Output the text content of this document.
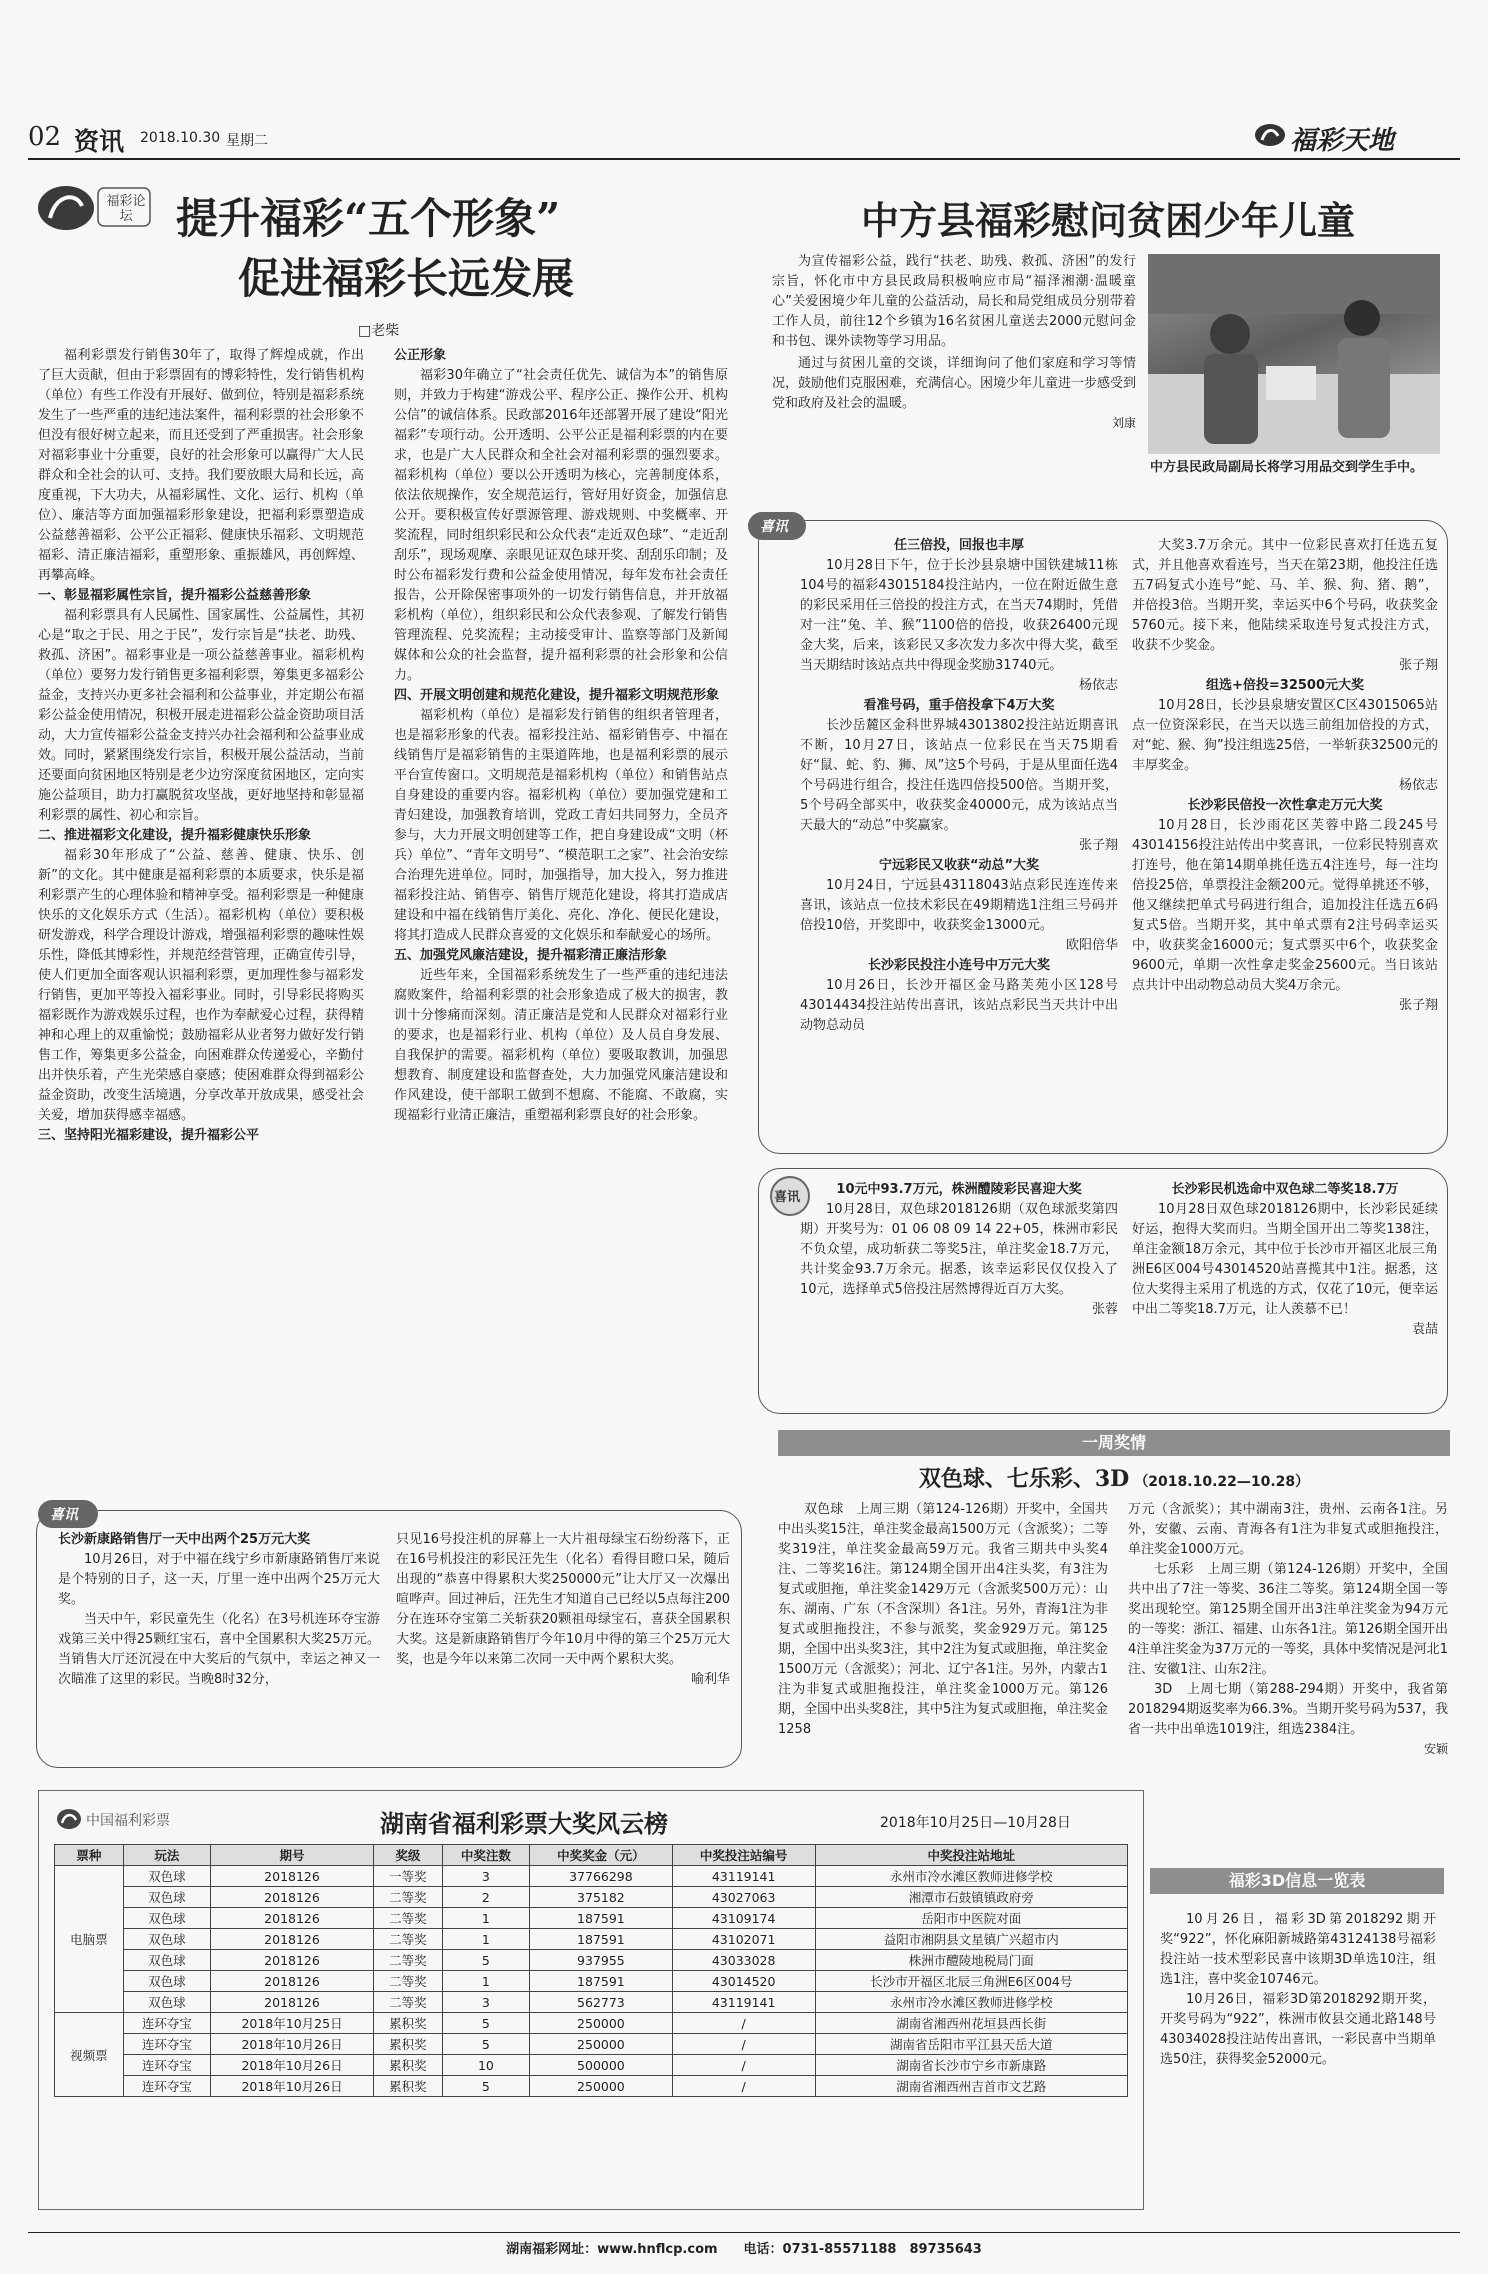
02 资讯 2018.10.30 星期二	福彩天地
福彩论坛	提升福彩“五个形象”
促进福彩长远发展
□老柴

福利彩票发行销售30年了，取得了辉煌成就，作出了巨大贡献，但由于彩票固有的博彩特性，发行销售机构（单位）有些工作没有开展好、做到位，特别是福彩系统发生了一些严重的违纪违法案件，福利彩票的社会形象不但没有很好树立起来，而且还受到了严重损害。社会形象对福彩事业十分重要，良好的社会形象可以赢得广大人民群众和全社会的认可、支持。我们要放眼大局和长远，高度重视，下大功夫，从福彩属性、文化、运行、机构（单位）、廉洁等方面加强福彩形象建设，把福利彩票塑造成公益慈善福彩、公平公正福彩、健康快乐福彩、文明规范福彩、清正廉洁福彩，重塑形象、重振雄风，再创辉煌、再攀高峰。

一、彰显福彩属性宗旨，提升福彩公益慈善形象

福利彩票具有人民属性、国家属性、公益属性，其初心是“取之于民、用之于民”，发行宗旨是“扶老、助残、救孤、济困”。福彩事业是一项公益慈善事业。福彩机构（单位）要努力发行销售更多福利彩票，筹集更多福彩公益金，支持兴办更多社会福利和公益事业，并定期公布福彩公益金使用情况，积极开展走进福彩公益金资助项目活动，大力宣传福彩公益金支持兴办社会福利和公益事业成效。同时，紧紧围绕发行宗旨，积极开展公益活动，当前还要面向贫困地区特别是老少边穷深度贫困地区，定向实施公益项目，助力打赢脱贫攻坚战，更好地坚持和彰显福利彩票的属性、初心和宗旨。

二、推进福彩文化建设，提升福彩健康快乐形象

福彩30年形成了“公益、慈善、健康、快乐、创新”的文化。其中健康是福利彩票的本质要求，快乐是福利彩票产生的心理体验和精神享受。福利彩票是一种健康快乐的文化娱乐方式（生活）。福彩机构（单位）要积极研发游戏，科学合理设计游戏，增强福利彩票的趣味性娱乐性，降低其博彩性，并规范经营管理，正确宣传引导，使人们更加全面客观认识福利彩票，更加理性参与福彩发行销售，更加平等投入福彩事业。同时，引导彩民将购买福彩既作为游戏娱乐过程，也作为奉献爱心过程，获得精神和心理上的双重愉悦；鼓励福彩从业者努力做好发行销售工作，筹集更多公益金，向困难群众传递爱心，辛勤付出并快乐着，产生光荣感自豪感；使困难群众得到福彩公益金资助，改变生活境遇，分享改革开放成果，感受社会关爱，增加获得感幸福感。

三、坚持阳光福彩建设，提升福彩公平

公正形象

福彩30年确立了“社会责任优先、诚信为本”的销售原则，并致力于构建“游戏公平、程序公正、操作公开、机构公信”的诚信体系。民政部2016年还部署开展了建设“阳光福彩”专项行动。公开透明、公平公正是福利彩票的内在要求，也是广大人民群众和全社会对福利彩票的强烈要求。福彩机构（单位）要以公开透明为核心，完善制度体系，依法依规操作，安全规范运行，管好用好资金，加强信息公开。要积极宣传好票源管理、游戏规则、中奖概率、开奖流程，同时组织彩民和公众代表“走近双色球”、“走近刮刮乐”，现场观摩、亲眼见证双色球开奖、刮刮乐印制；及时公布福彩发行费和公益金使用情况，每年发布社会责任报告，公开除保密事项外的一切发行销售信息，并开放福彩机构（单位），组织彩民和公众代表参观、了解发行销售管理流程、兑奖流程；主动接受审计、监察等部门及新闻媒体和公众的社会监督，提升福利彩票的社会形象和公信力。

四、开展文明创建和规范化建设，提升福彩文明规范形象

福彩机构（单位）是福彩发行销售的组织者管理者，也是福彩形象的代表。福彩投注站、福彩销售亭、中福在线销售厅是福彩销售的主渠道阵地，也是福利彩票的展示平台宣传窗口。文明规范是福彩机构（单位）和销售站点自身建设的重要内容。福彩机构（单位）要加强党建和工青妇建设，加强教育培训，党政工青妇共同努力，全员齐参与，大力开展文明创建等工作，把自身建设成“文明（杯兵）单位”、“青年文明号”、“模范职工之家”、社会治安综合治理先进单位。同时，加强指导，加大投入，努力推进福彩投注站、销售亭、销售厅规范化建设，将其打造成店建设和中福在线销售厅美化、亮化、净化、便民化建设，将其打造成人民群众喜爱的文化娱乐和奉献爱心的场所。

五、加强党风廉洁建设，提升福彩清正廉洁形象

近些年来，全国福彩系统发生了一些严重的违纪违法腐败案件，给福利彩票的社会形象造成了极大的损害，教训十分惨痛而深刻。清正廉洁是党和人民群众对福彩行业的要求，也是福彩行业、机构（单位）及人员自身发展、自我保护的需要。福彩机构（单位）要吸取教训，加强思想教育、制度建设和监督查处，大力加强党风廉洁建设和作风建设，使干部职工做到不想腐、不能腐、不敢腐，实现福彩行业清正廉洁，重塑福利彩票良好的社会形象。

中方县福彩慰问贫困少年儿童

为宣传福彩公益，践行“扶老、助残、救孤、济困”的发行宗旨，怀化市中方县民政局积极响应市局“福泽湘潮·温暖童心”关爱困境少年儿童的公益活动，局长和局党组成员分别带着工作人员，前往12个乡镇为16名贫困儿童送去2000元慰问金和书包、课外读物等学习用品。

通过与贫困儿童的交谈，详细询问了他们家庭和学习等情况，鼓励他们克服困难，充满信心。困境少年儿童进一步感受到党和政府及社会的温暖。

刘康

中方县民政局副局长将学习用品交到学生手中。
喜讯

任三倍投，回报也丰厚

10月28日下午，位于长沙县泉塘中国铁建城11栋104号的福彩43015184投注站内，一位在附近做生意的彩民采用任三倍投的投注方式，在当天74期时，凭借对一注“兔、羊、猴”1100倍的倍投，收获26400元现金大奖，后来，该彩民又多次发力多次中得大奖，截至当天期结时该站点共中得现金奖励31740元。

杨依志

看准号码，重手倍投拿下4万大奖

长沙岳麓区金科世界城43013802投注站近期喜讯不断，10月27日，该站点一位彩民在当天75期看好“鼠、蛇、豹、狮、凤”这5个号码，于是从里面任选4个号码进行组合，投注任选四倍投500倍。当期开奖，5个号码全部买中，收获奖金40000元，成为该站点当天最大的“动总”中奖赢家。

张子翔

宁远彩民又收获“动总”大奖

10月24日，宁远县43118043站点彩民连连传来喜讯，该站点一位技术彩民在49期精选1注组三号码并倍投10倍，开奖即中，收获奖金13000元。

欧阳倍华

长沙彩民投注小连号中万元大奖

10月26日，长沙开福区金马路芙苑小区128号43014434投注站传出喜讯，该站点彩民当天共计中出动物总动员

大奖3.7万余元。其中一位彩民喜欢打任选五复式，并且他喜欢看连号，当天在第23期，他投注任选五7码复式小连号“蛇、马、羊、猴、狗、猪、鹅”，并倍投3倍。当期开奖，幸运买中6个号码，收获奖金5760元。接下来，他陆续采取连号复式投注方式，收获不少奖金。

张子翔

组选+倍投=32500元大奖

10月28日，长沙县泉塘安置区C区43015065站点一位资深彩民，在当天以选三前组加倍投的方式，对“蛇、猴、狗”投注组选25倍，一举斩获32500元的丰厚奖金。

杨依志

长沙彩民倍投一次性拿走万元大奖

10月28日，长沙雨花区芙蓉中路二段245号43014156投注站传出中奖喜讯，一位彩民特别喜欢打连号，他在第14期单挑任选五4注连号，每一注均倍投25倍，单票投注金额200元。觉得单挑还不够，他又继续把单式号码进行组合，追加投注任选五6码复式5倍。当期开奖，其中单式票有2注号码幸运买中，收获奖金16000元；复式票买中6个，收获奖金9600元，单期一次性拿走奖金25600元。当日该站点共计中出动物总动员大奖4万余元。

张子翔

喜讯

10元中93.7万元，株洲醴陵彩民喜迎大奖

10月28日，双色球2018126期（双色球派奖第四期）开奖号为：01 06 08 09 14 22+05，株洲市彩民不负众望，成功斩获二等奖5注，单注奖金18.7万元，共计奖金93.7万余元。据悉，该幸运彩民仅仅投入了10元，选择单式5倍投注居然博得近百万大奖。

张蓉

长沙彩民机选命中双色球二等奖18.7万

10月28日双色球2018126期中，长沙彩民延续好运，抱得大奖而归。当期全国开出二等奖138注，单注金额18万余元，其中位于长沙市开福区北辰三角洲E6区004号43014520站喜揽其中1注。据悉，这位大奖得主采用了机选的方式，仅花了10元，便幸运中出二等奖18.7万元，让人羡慕不已！

袁喆

一周奖情
双色球、七乐彩、3D （2018.10.22—10.28）

双色球　上周三期（第124-126期）开奖中，全国共中出头奖15注，单注奖金最高1500万元（含派奖）；二等奖319注，单注奖金最高59万元。我省三期共中头奖4注、二等奖16注。第124期全国开出4注头奖，有3注为复式或胆拖，单注奖金1429万元（含派奖500万元）：山东、湖南、广东（不含深圳）各1注。另外，青海1注为非复式或胆拖投注，不参与派奖，奖金929万元。第125期，全国中出头奖3注，其中2注为复式或胆拖，单注奖金1500万元（含派奖）；河北、辽宁各1注。另外，内蒙古1注为非复式或胆拖投注，单注奖金1000万元。第126期，全国中出头奖8注，其中5注为复式或胆拖，单注奖金1258

万元（含派奖）；其中湖南3注，贵州、云南各1注。另外，安徽、云南、青海各有1注为非复式或胆拖投注，单注奖金1000万元。

七乐彩　上周三期（第124-126期）开奖中，全国共中出了7注一等奖、36注二等奖。第124期全国一等奖出现轮空。第125期全国开出3注单注奖金为94万元的一等奖：浙江、福建、山东各1注。第126期全国开出4注单注奖金为37万元的一等奖，具体中奖情况是河北1注、安徽1注、山东2注。

3D　上周七期（第288-294期）开奖中，我省第2018294期返奖率为66.3%。当期开奖号码为537，我省一共中出单选1019注，组选2384注。

安颖

喜讯

长沙新康路销售厅一天中出两个25万元大奖

10月26日，对于中福在线宁乡市新康路销售厅来说是个特别的日子，这一天，厅里一连中出两个25万元大奖。

当天中午，彩民童先生（化名）在3号机连环夺宝游戏第三关中得25颗红宝石，喜中全国累积大奖25万元。当销售大厅还沉浸在中大奖后的气氛中，幸运之神又一次瞄准了这里的彩民。当晚8时32分，

只见16号投注机的屏幕上一大片祖母绿宝石纷纷落下，正在16号机投注的彩民汪先生（化名）看得目瞪口呆，随后出现的“恭喜中得累积大奖250000元”让大厅又一次爆出喧哗声。回过神后，汪先生才知道自己已经以5点每注200分在连环夺宝第二关斩获20颗祖母绿宝石，喜获全国累积大奖。这是新康路销售厅今年10月中得的第三个25万元大奖，也是今年以来第二次同一天中两个累积大奖。

喻利华

中国福利彩票	湖南省福利彩票大奖风云榜	2018年10月25日—10月28日
票种	玩法	期号	奖级	中奖注数	中奖奖金（元）	中奖投注站编号	中奖投注站地址
电脑票	双色球	2018126	一等奖	3	37766298	43119141	永州市冷水滩区教师进修学校
	双色球	2018126	二等奖	2	375182	43027063	湘潭市石鼓镇镇政府旁
	双色球	2018126	二等奖	1	187591	43109174	岳阳市中医院对面
	双色球	2018126	二等奖	1	187591	43102071	益阳市湘阴县文星镇广兴超市内
	双色球	2018126	二等奖	5	937955	43033028	株洲市醴陵地税局门面
	双色球	2018126	二等奖	1	187591	43014520	长沙市开福区北辰三角洲E6区004号
	双色球	2018126	二等奖	3	562773	43119141	永州市冷水滩区教师进修学校
视频票	连环夺宝	2018年10月25日	累积奖	5	250000	/	湖南省湘西州花垣县西长街
	连环夺宝	2018年10月26日	累积奖	5	250000	/	湖南省岳阳市平江县天岳大道
	连环夺宝	2018年10月26日	累积奖	10	500000	/	湖南省长沙市宁乡市新康路
	连环夺宝	2018年10月26日	累积奖	5	250000	/	湖南省湘西州吉首市文艺路
福彩3D信息一览表

10月26日，福彩3D第2018292期开奖“922”，怀化麻阳新城路第43124138号福彩投注站一技术型彩民喜中该期3D单选10注，组选1注，喜中奖金10746元。

10月26日，福彩3D第2018292期开奖，开奖号码为“922”，株洲市攸县交通北路148号43034028投注站传出喜讯，一彩民喜中当期单选50注，获得奖金52000元。

湖南福彩网址：www.hnflcp.com　　电话：0731-85571188　89735643
